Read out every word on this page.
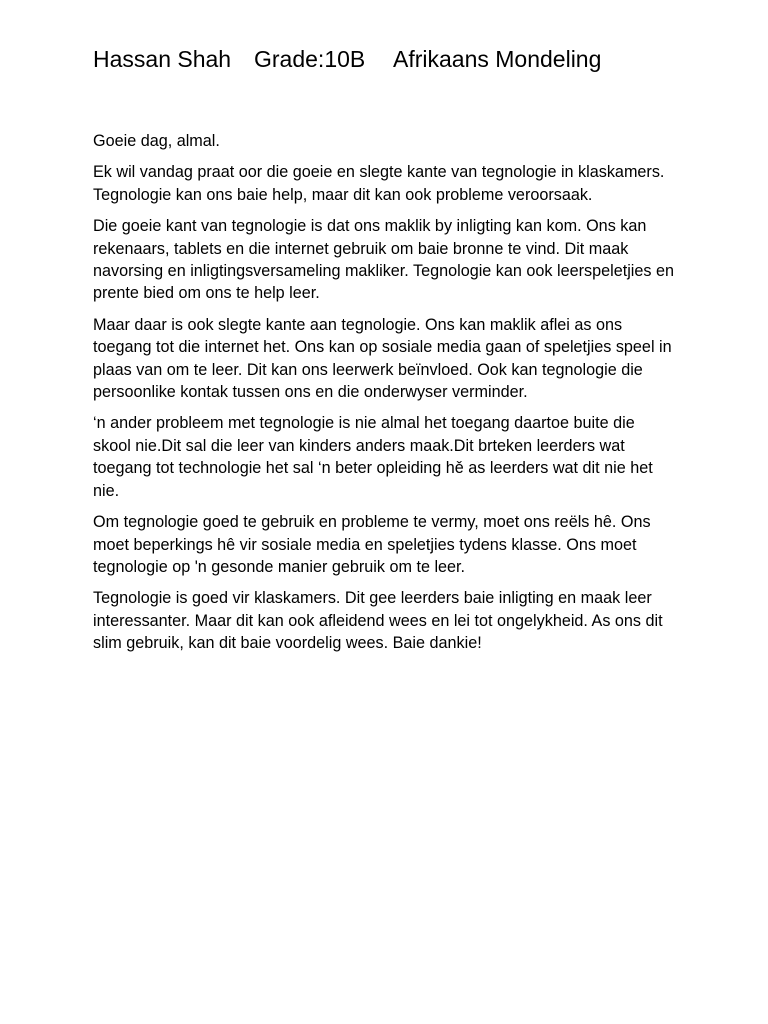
Hassan Shah Grade:10B Afrikaans Mondeling

Goeie dag, almal.

Ek wil vandag praat oor die goeie en slegte kante van tegnologie in klaskamers. Tegnologie kan ons baie help, maar dit kan ook probleme veroorsaak.

Die goeie kant van tegnologie is dat ons maklik by inligting kan kom. Ons kan rekenaars, tablets en die internet gebruik om baie bronne te vind. Dit maak navorsing en inligtingsversameling makliker. Tegnologie kan ook leerspeletjies en prente bied om ons te help leer.

Maar daar is ook slegte kante aan tegnologie. Ons kan maklik aflei as ons toegang tot die internet het. Ons kan op sosiale media gaan of speletjies speel in plaas van om te leer. Dit kan ons leerwerk beïnvloed. Ook kan tegnologie die persoonlike kontak tussen ons en die onderwyser verminder.

‘n ander probleem met tegnologie is nie almal het toegang daartoe buite die skool nie.Dit sal die leer van kinders anders maak.Dit brteken leerders wat toegang tot technologie het sal ‘n beter opleiding hě as leerders wat dit nie het nie.

Om tegnologie goed te gebruik en probleme te vermy, moet ons reëls hê. Ons moet beperkings hê vir sosiale media en speletjies tydens klasse. Ons moet tegnologie op 'n gesonde manier gebruik om te leer.

Tegnologie is goed vir klaskamers. Dit gee leerders baie inligting en maak leer interessanter. Maar dit kan ook afleidend wees en lei tot ongelykheid. As ons dit slim gebruik, kan dit baie voordelig wees. Baie dankie!
